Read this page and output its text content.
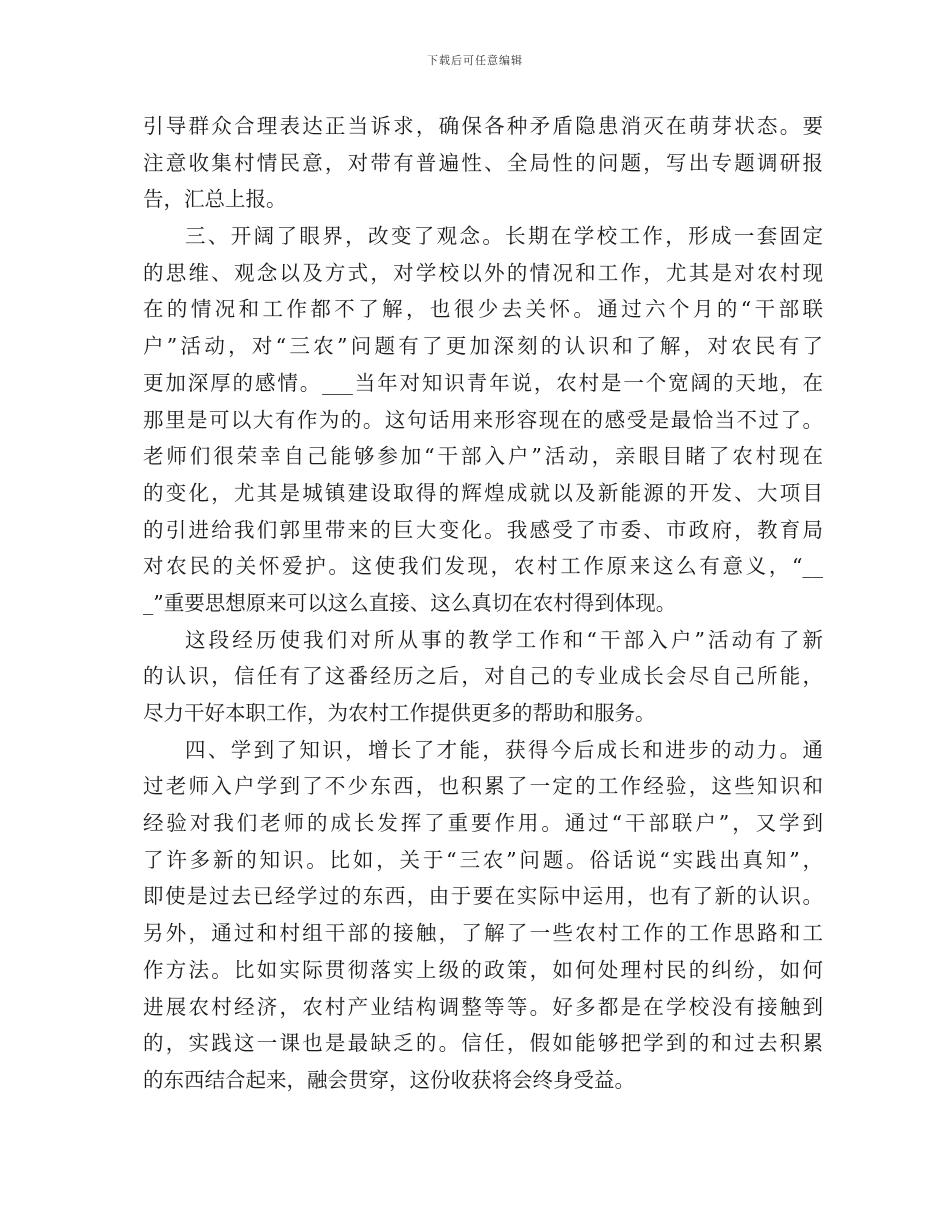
下载后可任意编辑
引导群众合理表达正当诉求，确保各种矛盾隐患消灭在萌芽状态。要
注意收集村情民意，对带有普遍性、全局性的问题，写出专题调研报
告，汇总上报。
三、开阔了眼界，改变了观念。长期在学校工作，形成一套固定
的思维、观念以及方式，对学校以外的情况和工作，尤其是对农村现
在的情况和工作都不了解，也很少去关怀。通过六个月的“干部联
户”活动，对“三农”问题有了更加深刻的认识和了解，对农民有了
更加深厚的感情。___当年对知识青年说，农村是一个宽阔的天地，在
那里是可以大有作为的。这句话用来形容现在的感受是最恰当不过了。
老师们很荣幸自己能够参加“干部入户”活动，亲眼目睹了农村现在
的变化，尤其是城镇建设取得的辉煌成就以及新能源的开发、大项目
的引进给我们郭里带来的巨大变化。我感受了市委、市政府，教育局
对农民的关怀爱护。这使我们发现，农村工作原来这么有意义，“__
_”重要思想原来可以这么直接、这么真切在农村得到体现。
这段经历使我们对所从事的教学工作和“干部入户”活动有了新
的认识，信任有了这番经历之后，对自己的专业成长会尽自己所能，
尽力干好本职工作，为农村工作提供更多的帮助和服务。
四、学到了知识，增长了才能，获得今后成长和进步的动力。通
过老师入户学到了不少东西，也积累了一定的工作经验，这些知识和
经验对我们老师的成长发挥了重要作用。通过“干部联户”，又学到
了许多新的知识。比如，关于“三农”问题。俗话说“实践出真知”，
即使是过去已经学过的东西，由于要在实际中运用，也有了新的认识。
另外，通过和村组干部的接触，了解了一些农村工作的工作思路和工
作方法。比如实际贯彻落实上级的政策，如何处理村民的纠纷，如何
进展农村经济，农村产业结构调整等等。好多都是在学校没有接触到
的，实践这一课也是最缺乏的。信任，假如能够把学到的和过去积累
的东西结合起来，融会贯穿，这份收获将会终身受益。
